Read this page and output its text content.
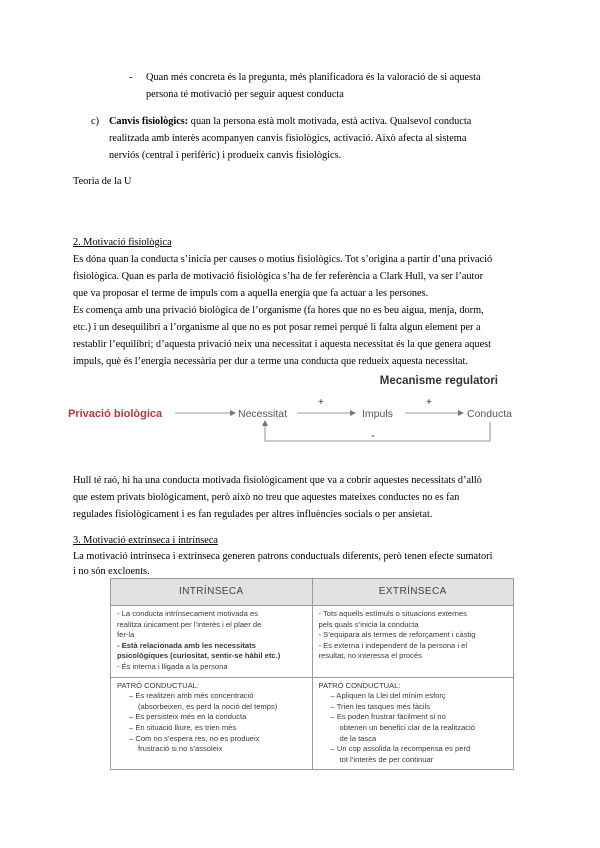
- Quan més concreta és la pregunta, més planificadora és la valoració de si aquesta
persona té motivació per seguir aquest conducta
c) Canvis fisiològics: quan la persona està molt motivada, està activa. Qualsevol conducta
realitzada amb interès acompanyen canvis fisiològics, activació. Això afecta al sistema
nerviós (central i perifèric) i produeix canvis fisiològics.
Teoria de la U
2. Motivació fisiològica
Es dóna quan la conducta s’inicia per causes o motius fisiològics. Tot s’origina a partir d’una privació
fisiològica. Quan es parla de motivació fisiològica s’ha de fer referència a Clark Hull, va ser l’autor
que va proposar el terme de impuls com a aquella energia que fa actuar a les persones.
Es comença amb una privació biològica de l’organisme (fa hores que no es beu aigua, menja, dorm,
etc.) i un desequilibri a l’organisme al que no es pot posar remei perquè li falta algun element per a
restablir l’equilibri; d’aquesta privació neix una necessitat i aquesta necessitat és la que genera aquest
impuls, què és l’energia necessària per dur a terme una conducta que redueix aquesta necessitat.
Mecanisme regulatori
Privació biològica	Necessitat
+
Impuls
+
Conducta
-
Hull té raó, hi ha una conducta motivada fisiològicament que va a cobrir aquestes necessitats d’allò
que estem privats biològicament, però això no treu que aquestes mateixes conductes no es fan
regulades fisiològicament i es fan regulades per altres influències socials o per ansietat.
3. Motivació extrínseca i intrínseca
La motivació intrínseca i extrínseca generen patrons conductuals diferents, però tenen efecte sumatori
i no són excloents.
INTRÍNSECA	EXTRÍNSECA
- La conducta intrínsecament motivada es
realitza únicament per l’interès i el plaer de
fer-la
- Està relacionada amb les necessitats
psicològiques (curiositat, sentir-se hàbil etc.)
- És interna i lligada a la persona
- Tots aquells estímuls o situacions externes
pels quals s’inicia la conducta
- S’equipara als termes de reforçament i càstig
- Es externa i independent de la persona i el
resultat, no interessa el procés
PATRÓ CONDUCTUAL:
– Es realitzen amb més concentració
(absorbeixen, es perd la noció del temps)
– Es persisteix més en la conducta
– En situació lliure, es trien més
– Com no s’espera res, no es produeix
frustració si no s’assoleix
PATRÓ CONDUCTUAL:
– Apliquen la Llei del mínim esforç
– Trien les tasques més fàcils
– Es poden frustrar fàcilment si no
obtenen un benefici clar de la realització
de la tasca
– Un cop assolida la recompensa es perd
tot l’interès de per continuar
